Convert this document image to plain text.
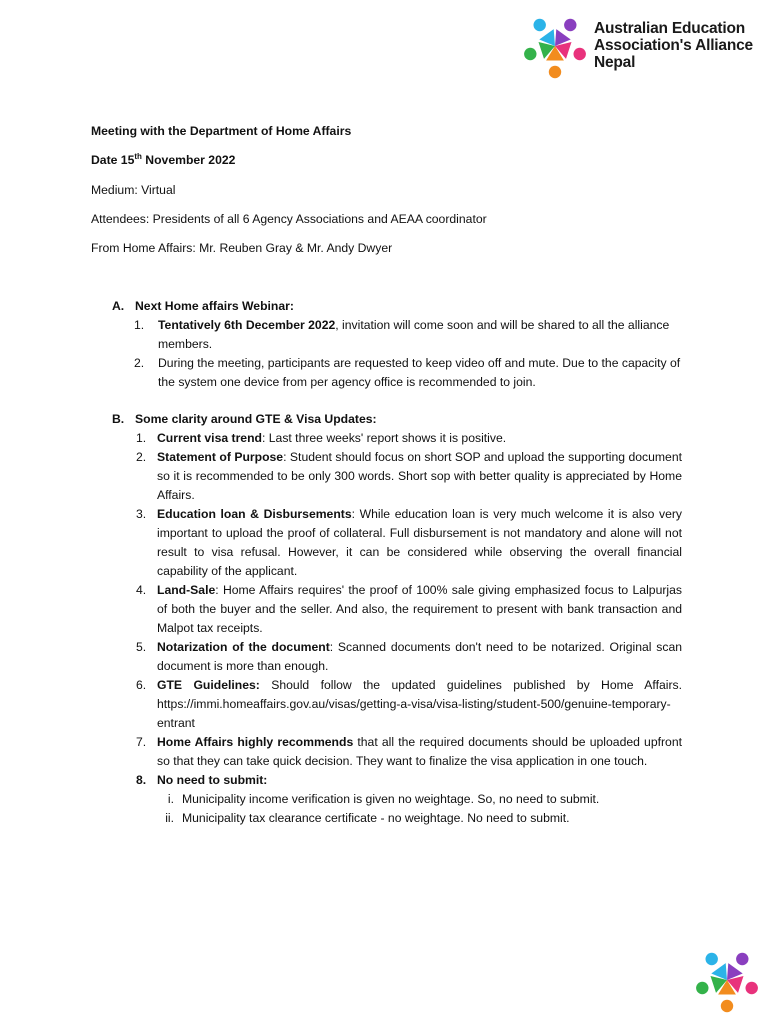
Australian Education
Association's Alliance
Nepal
Meeting with the Department of Home Affairs
Date 15th November 2022
Medium: Virtual
Attendees: Presidents of all 6 Agency Associations and AEAA coordinator
From Home Affairs: Mr. Reuben Gray & Mr. Andy Dwyer
A. Next Home affairs Webinar:
1.	Tentatively 6th December 2022, invitation will come soon and will be shared to all the alliance members.
2.	During the meeting, participants are requested to keep video off and mute. Due to the capacity of the system one device from per agency office is recommended to join.
B. Some clarity around GTE & Visa Updates:
1. Current visa trend: Last three weeks' report shows it is positive.
2. Statement of Purpose: Student should focus on short SOP and upload the supporting document so it is recommended to be only 300 words. Short sop with better quality is appreciated by Home Affairs.
3. Education loan & Disbursements: While education loan is very much welcome it is also very important to upload the proof of collateral. Full disbursement is not mandatory and alone will not result to visa refusal. However, it can be considered while observing the overall financial capability of the applicant.
4. Land-Sale: Home Affairs requires' the proof of 100% sale giving emphasized focus to Lalpurjas of both the buyer and the seller. And also, the requirement to present with bank transaction and Malpot tax receipts.
5. Notarization of the document: Scanned documents don't need to be notarized. Original scan document is more than enough.
6. GTE Guidelines: Should follow the updated guidelines published by Home Affairs. https://immi.homeaffairs.gov.au/visas/getting-a-visa/visa-listing/student-500/genuine-temporary-entrant
7. Home Affairs highly recommends that all the required documents should be uploaded upfront so that they can take quick decision. They want to finalize the visa application in one touch.
8. No need to submit:
i. Municipality income verification is given no weightage. So, no need to submit.
ii. Municipality tax clearance certificate - no weightage. No need to submit.
